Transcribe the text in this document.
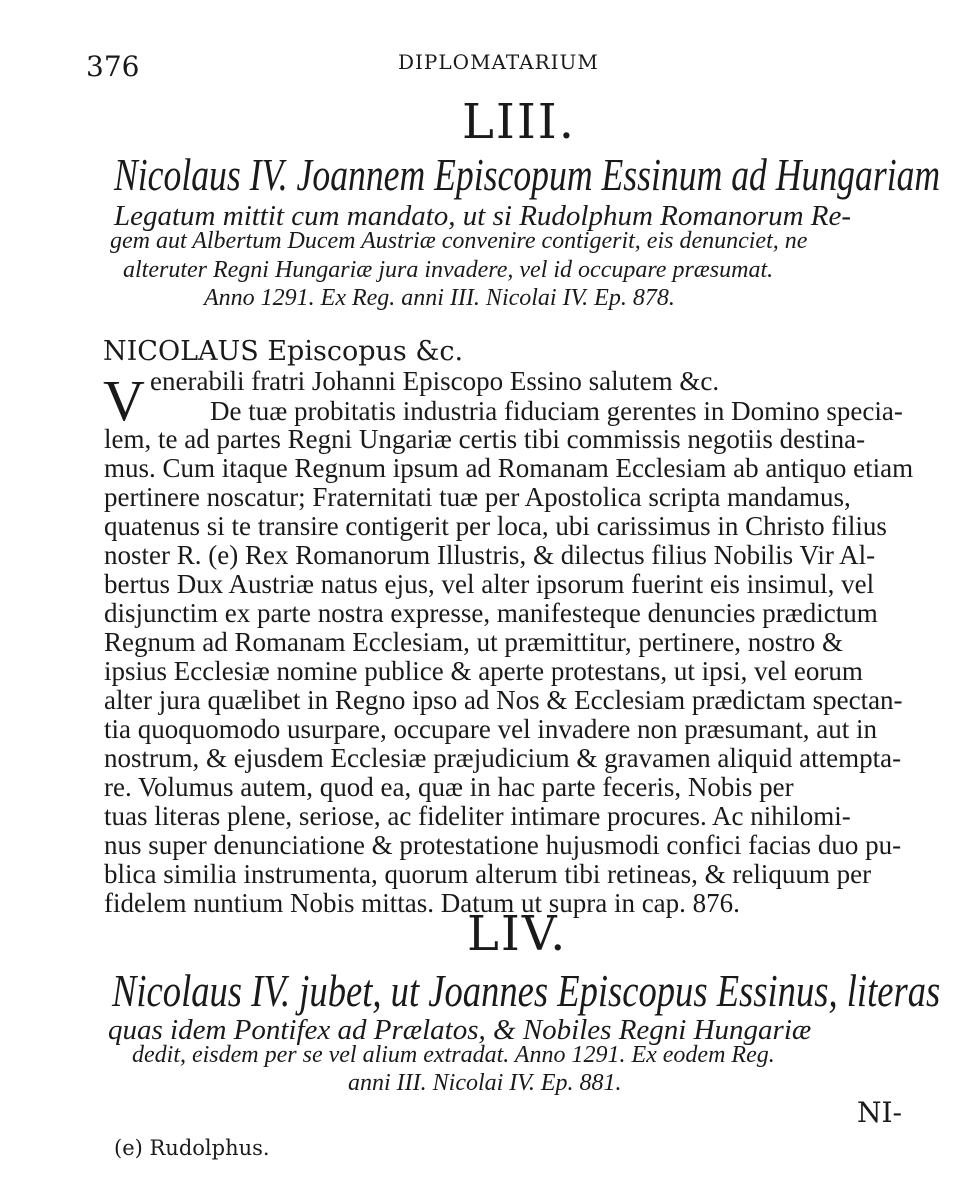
376	DIPLOMATARIUM
LIII.
Nicolaus IV. Joannem Episcopum Essinum ad Hungariam
Legatum mittit cum mandato, ut si Rudolphum Romanorum Re-
gem aut Albertum Ducem Austriæ convenire contigerit, eis denunciet, ne
alteruter Regni Hungariæ jura invadere, vel id occupare præsumat.
Anno 1291. Ex Reg. anni III. Nicolai IV. Ep. 878.
NICOLAUS Episcopus &c.
V enerabili fratri Johanni Episcopo Essino salutem &c.
De tuæ probitatis industria fiduciam gerentes in Domino specia-
lem, te ad partes Regni Ungariæ certis tibi commissis negotiis destina-
mus. Cum itaque Regnum ipsum ad Romanam Ecclesiam ab antiquo etiam
pertinere noscatur; Fraternitati tuæ per Apostolica scripta mandamus,
quatenus si te transire contigerit per loca, ubi carissimus in Christo filius
noster R. (e) Rex Romanorum Illustris, & dilectus filius Nobilis Vir Al-
bertus Dux Austriæ natus ejus, vel alter ipsorum fuerint eis insimul, vel
disjunctim ex parte nostra expresse, manifesteque denuncies prædictum
Regnum ad Romanam Ecclesiam, ut præmittitur, pertinere, nostro &
ipsius Ecclesiæ nomine publice & aperte protestans, ut ipsi, vel eorum
alter jura quælibet in Regno ipso ad Nos & Ecclesiam prædictam spectan-
tia quoquomodo usurpare, occupare vel invadere non præsumant, aut in
nostrum, & ejusdem Ecclesiæ præjudicium & gravamen aliquid attempta-
re. Volumus autem, quod ea, quæ in hac parte feceris, Nobis per
tuas literas plene, seriose, ac fideliter intimare procures. Ac nihilomi-
nus super denunciatione & protestatione hujusmodi confici facias duo pu-
blica similia instrumenta, quorum alterum tibi retineas, & reliquum per
fidelem nuntium Nobis mittas. Datum ut supra in cap. 876.
LIV.
Nicolaus IV. jubet, ut Joannes Episcopus Essinus, literas
quas idem Pontifex ad Prælatos, & Nobiles Regni Hungariæ
dedit, eisdem per se vel alium extradat. Anno 1291. Ex eodem Reg.
anni III. Nicolai IV. Ep. 881.
NI-
(e) Rudolphus.
